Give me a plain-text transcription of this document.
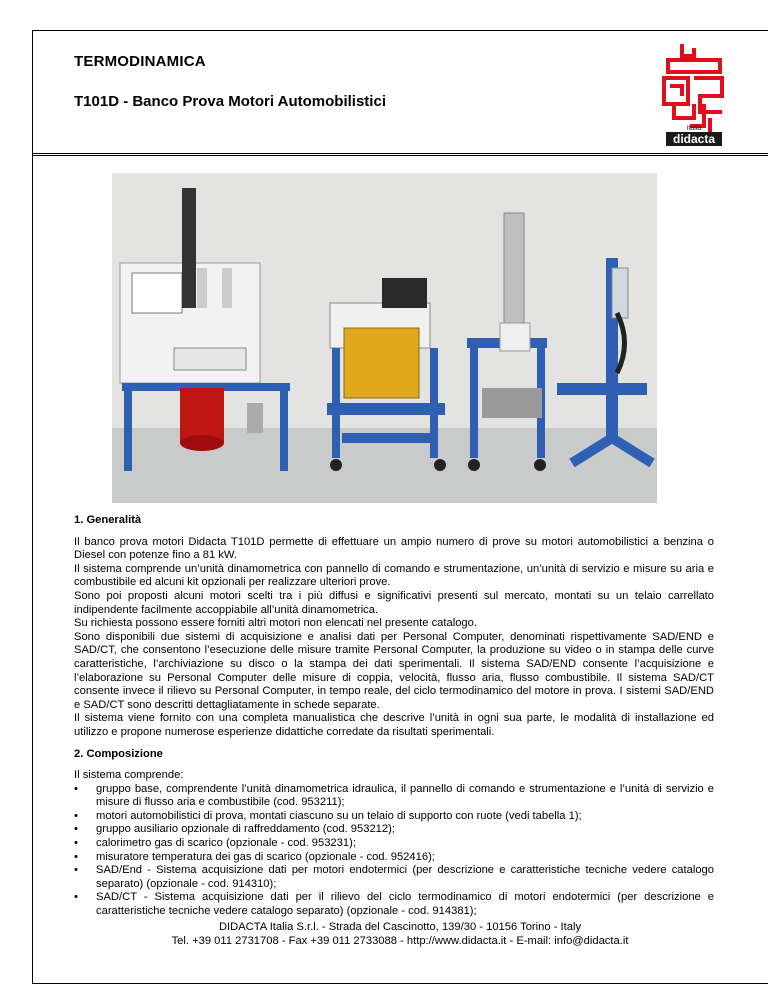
TERMODINAMICA
T101D - Banco Prova Motori Automobilistici
italia
didacta
1. Generalità

Il banco prova motori Didacta T101D permette di effettuare un ampio numero di prove su motori automobilistici a benzina o Diesel con potenze fino a 81 kW.

Il sistema comprende un’unità dinamometrica con pannello di comando e strumentazione, un’unità di servizio e misure su aria e combustibile ed alcuni kit opzionali per realizzare ulteriori prove.

Sono poi proposti alcuni motori scelti tra i più diffusi e significativi presenti sul mercato, montati su un telaio carrellato indipendente facilmente accoppiabile all’unità dinamometrica.

Su richiesta possono essere forniti altri motori non elencati nel presente catalogo.

Sono disponibili due sistemi di acquisizione e analisi dati per Personal Computer, denominati rispettivamente SAD/END e SAD/CT, che consentono l’esecuzione delle misure tramite Personal Computer, la produzione su video o in stampa delle curve caratteristiche, l’archiviazione su disco o la stampa dei dati sperimentali. Il sistema SAD/END consente l’acquisizione e l’elaborazione su Personal Computer delle misure di coppia, velocità, flusso aria, flusso combustibile. Il sistema SAD/CT consente invece il rilievo su Personal Computer, in tempo reale, del ciclo termodinamico del motore in prova. I sistemi SAD/END e SAD/CT sono descritti dettagliatamente in schede separate.

Il sistema viene fornito con una completa manualistica che descrive l’unità in ogni sua parte, le modalità di installazione ed utilizzo e propone numerose esperienze didattiche corredate da risultati sperimentali.

2. Composizione

Il sistema comprende:

• gruppo base, comprendente l’unità dinamometrica idraulica, il pannello di comando e strumentazione e l’unità di servizio e misure di flusso aria e combustibile (cod. 953211);
• motori automobilistici di prova, montati ciascuno su un telaio di supporto con ruote (vedi tabella 1);
• gruppo ausiliario opzionale di raffreddamento (cod. 953212);
• calorimetro gas di scarico (opzionale - cod. 953231);
• misuratore temperatura dei gas di scarico (opzionale - cod. 952416);
• SAD/End - Sistema acquisizione dati per motori endotermici (per descrizione e caratteristiche tecniche vedere catalogo separato) (opzionale - cod. 914310);
• SAD/CT - Sistema acquisizione dati per il rilievo del ciclo termodinamico di motori endotermici (per descrizione e caratteristiche tecniche vedere catalogo separato) (opzionale - cod. 914381);
DIDACTA Italia S.r.l. - Strada del Cascinotto, 139/30 - 10156 Torino - Italy
Tel. +39 011 2731708 - Fax +39 011 2733088 - http://www.didacta.it - E-mail: info@didacta.it
